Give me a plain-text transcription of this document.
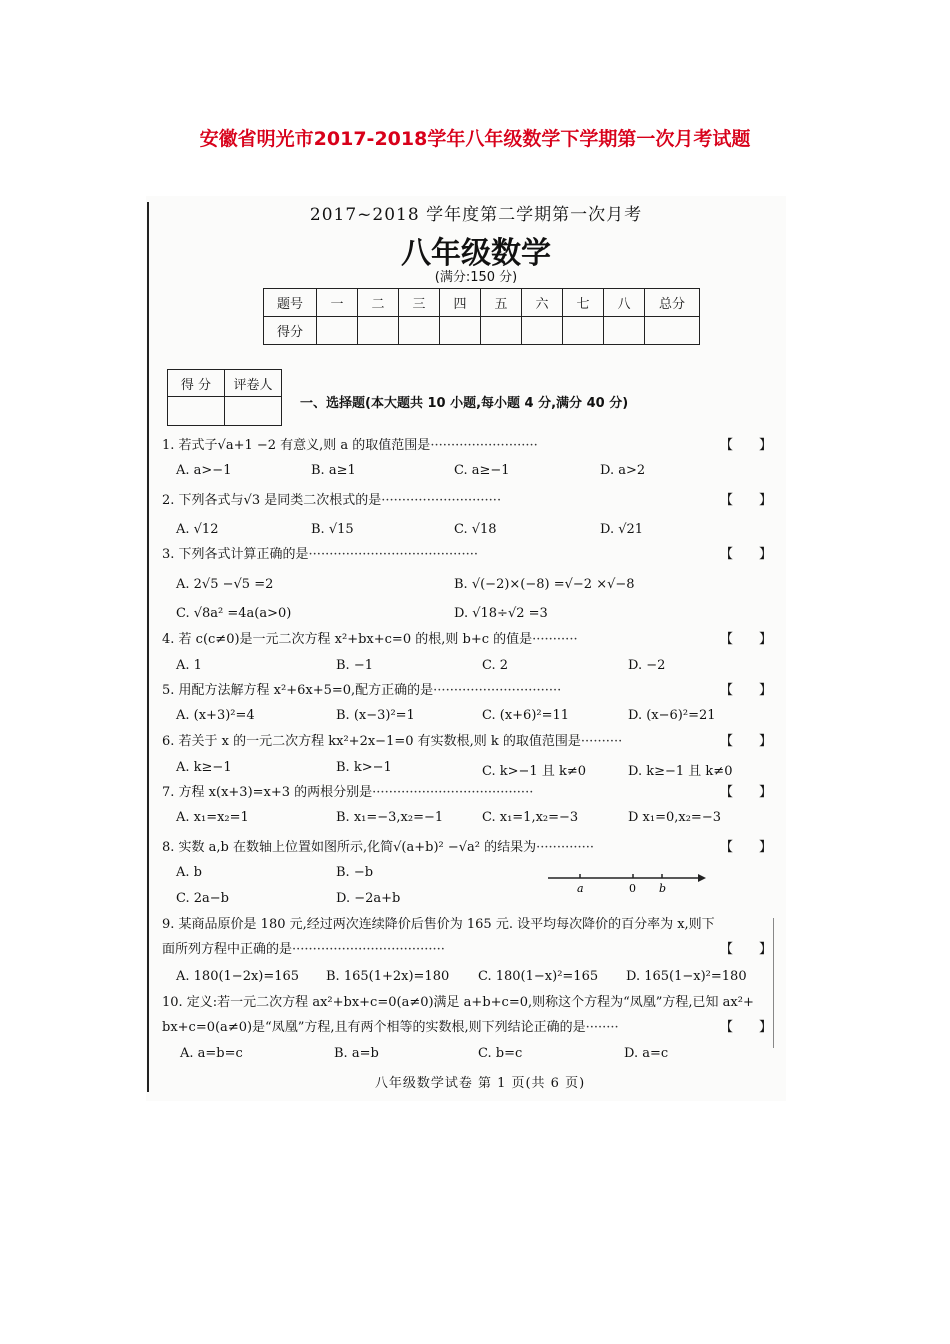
安徽省明光市2017-2018学年八年级数学下学期第一次月考试题
2017~2018 学年度第二学期第一次月考
八年级数学
(满分:150 分)
题号	一	二	三	四	五	六	七	八	总分
得分									
得 分	评卷人

一、选择题(本大题共 10 小题,每小题 4 分,满分 40 分)
1. 若式子√a+1 −2 有意义,则 a 的取值范围是··························	【　　】
A. a>−1	B. a≥1	C. a≥−1	D. a>2
2. 下列各式与√3 是同类二次根式的是·····························	【　　】
A. √12	B. √15	C. √18	D. √21
3. 下列各式计算正确的是·········································	【　　】
A. 2√5 −√5 =2	B. √(−2)×(−8) =√−2 ×√−8
C. √8a² =4a(a>0)	D. √18÷√2 =3
4. 若 c(c≠0)是一元二次方程 x²+bx+c=0 的根,则 b+c 的值是···········	【　　】
A. 1	B. −1	C. 2	D. −2
5. 用配方法解方程 x²+6x+5=0,配方正确的是·······························	【　　】
A. (x+3)²=4	B. (x−3)²=1	C. (x+6)²=11	D. (x−6)²=21
6. 若关于 x 的一元二次方程 kx²+2x−1=0 有实数根,则 k 的取值范围是··········	【　　】
A. k≥−1	B. k>−1	C. k>−1 且 k≠0	D. k≥−1 且 k≠0
7. 方程 x(x+3)=x+3 的两根分别是·······································	【　　】
A. x₁=x₂=1	B. x₁=−3,x₂=−1	C. x₁=1,x₂=−3	D x₁=0,x₂=−3
8. 实数 a,b 在数轴上位置如图所示,化简√(a+b)² −√a² 的结果为··············	【　　】
A. b	B. −b
C. 2a−b	D. −2a+b
a	0 b
9. 某商品原价是 180 元,经过两次连续降价后售价为 165 元. 设平均每次降价的百分率为 x,则下
面所列方程中正确的是·····································	【　　】
A. 180(1−2x)=165 B. 165(1+2x)=180 C. 180(1−x)²=165 D. 165(1−x)²=180
10. 定义:若一元二次方程 ax²+bx+c=0(a≠0)满足 a+b+c=0,则称这个方程为“凤凰”方程,已知 ax²+
bx+c=0(a≠0)是“凤凰”方程,且有两个相等的实数根,则下列结论正确的是········	【　　】
A. a=b=c	B. a=b	C. b=c	D. a=c
八年级数学试卷 第 1 页(共 6 页)
